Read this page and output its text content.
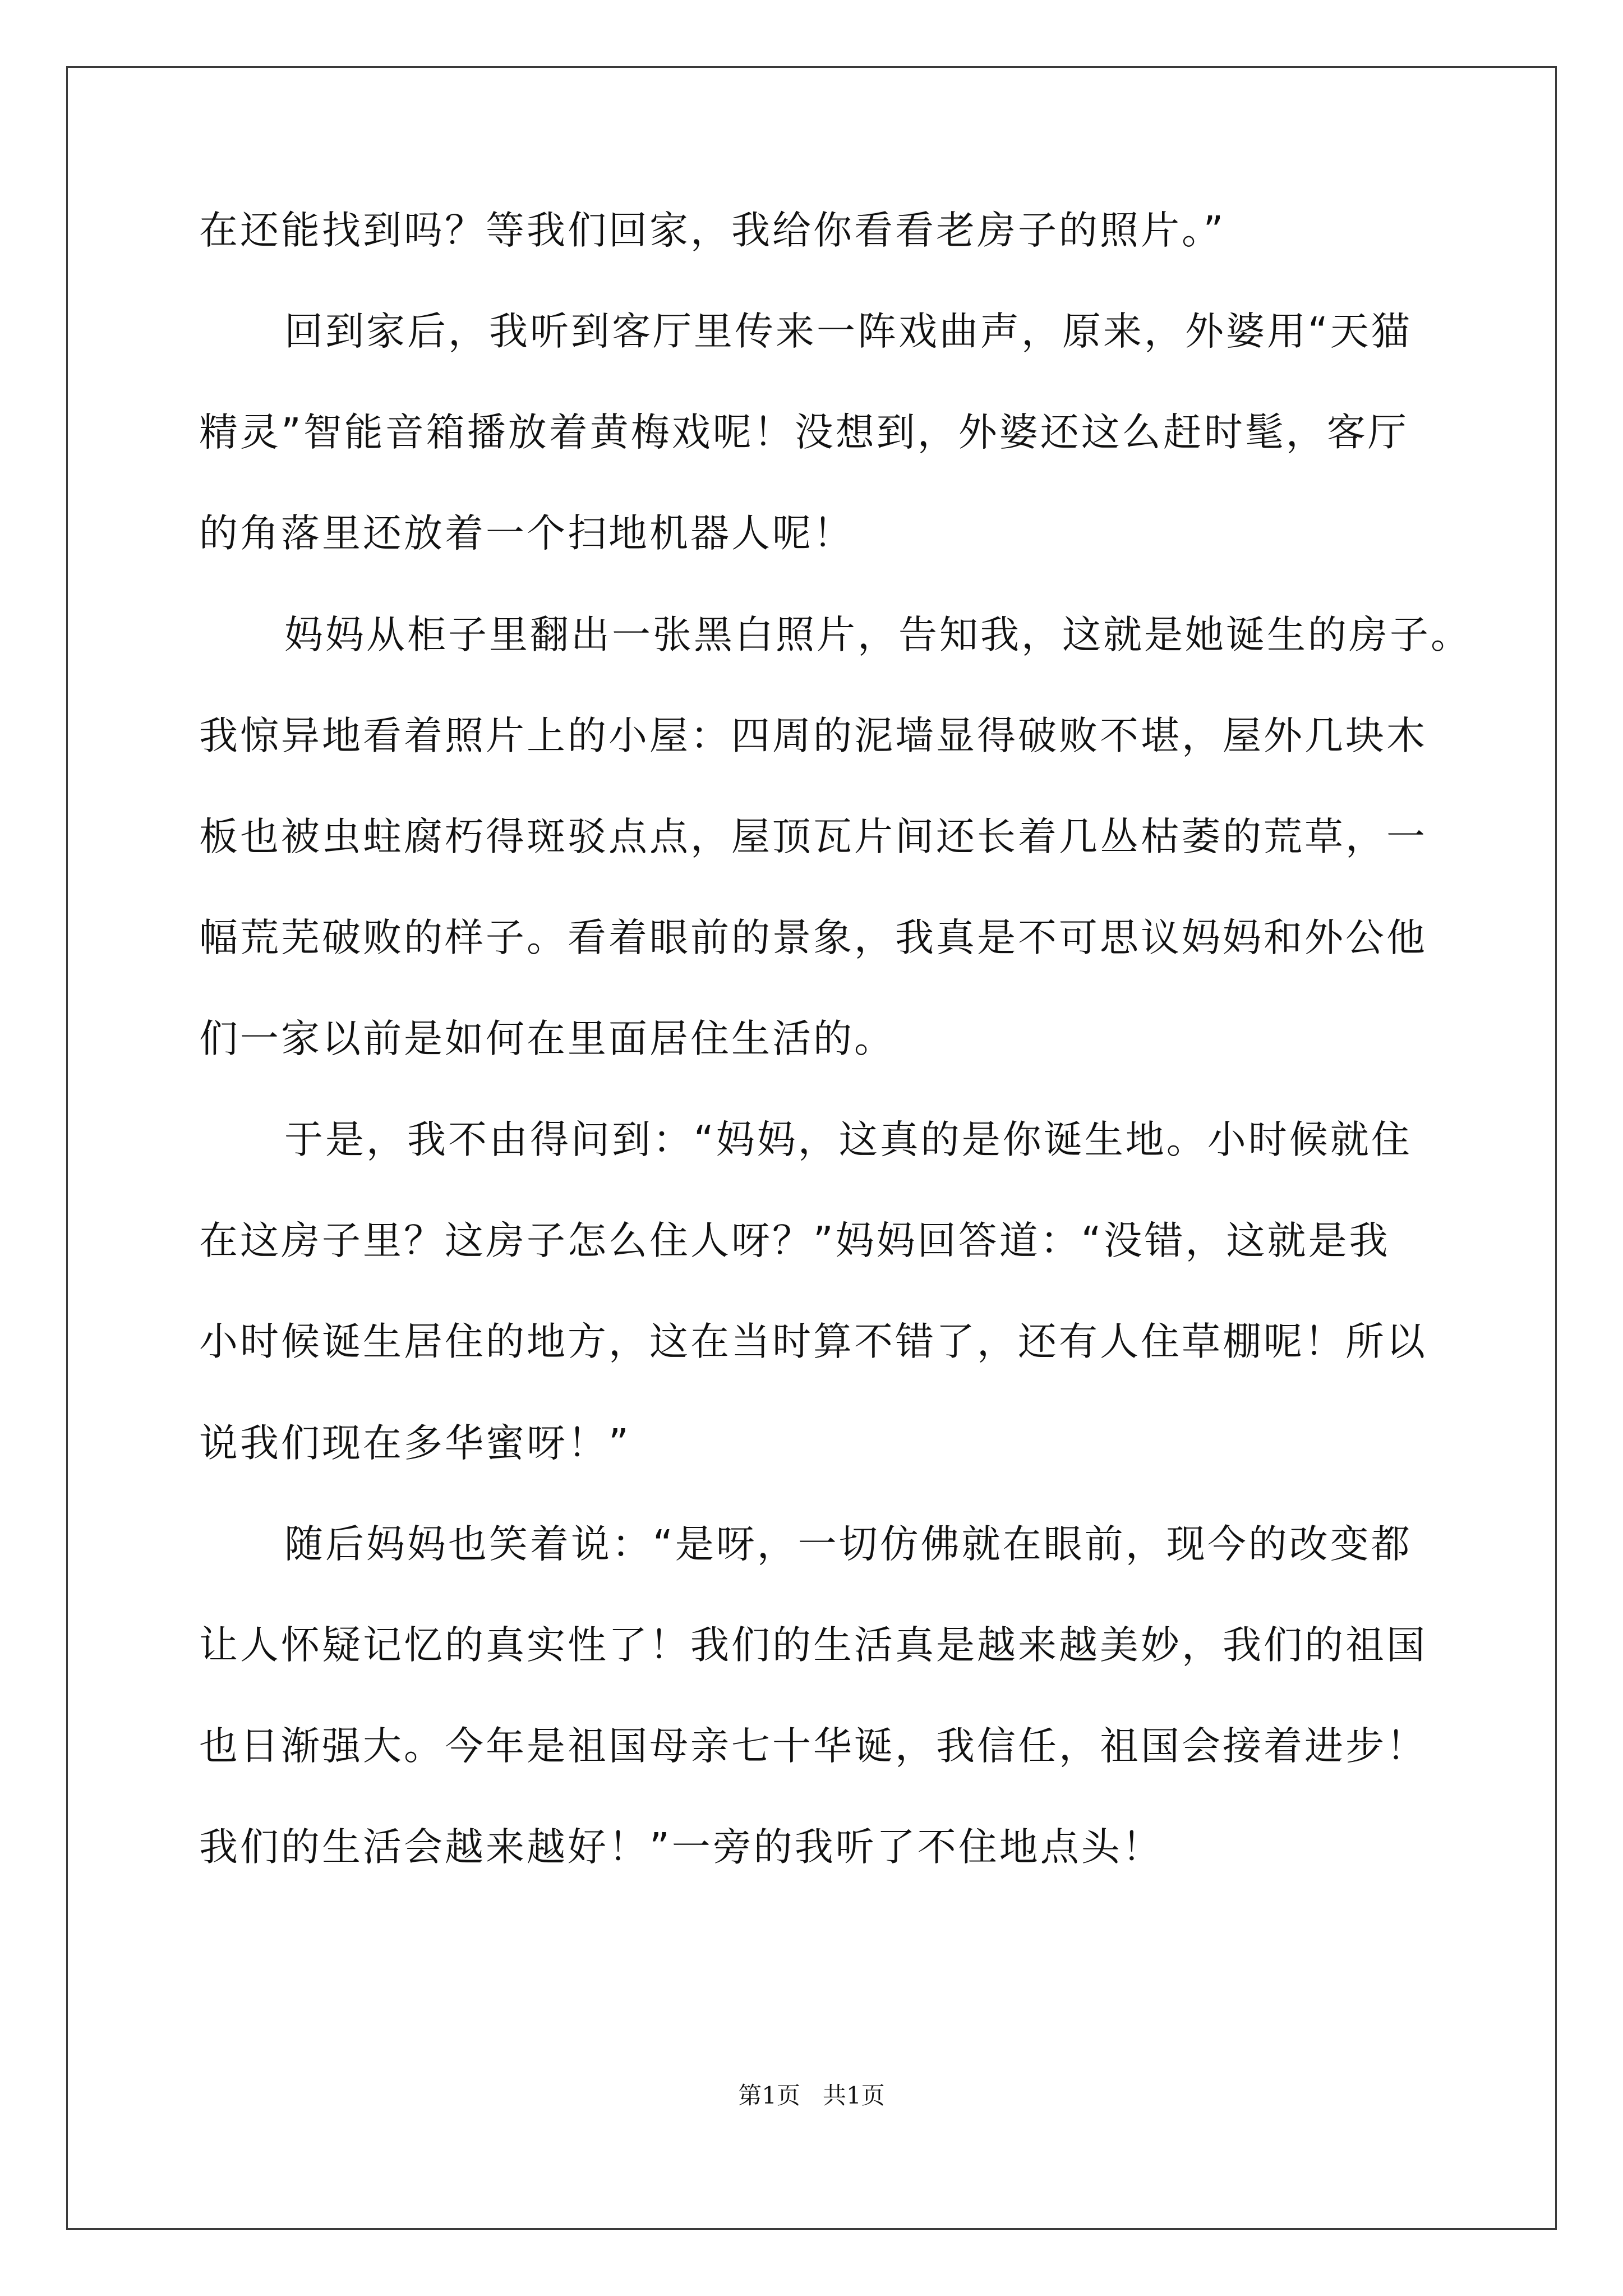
在还能找到吗？等我们回家，我给你看看老房子的照片。”
回到家后，我听到客厅里传来一阵戏曲声，原来，外婆用“天猫
精灵”智能音箱播放着黄梅戏呢！没想到，外婆还这么赶时髦，客厅
的角落里还放着一个扫地机器人呢！
妈妈从柜子里翻出一张黑白照片，告知我，这就是她诞生的房子。
我惊异地看着照片上的小屋：四周的泥墙显得破败不堪，屋外几块木
板也被虫蛀腐朽得斑驳点点，屋顶瓦片间还长着几丛枯萎的荒草，一
幅荒芜破败的样子。看着眼前的景象，我真是不可思议妈妈和外公他
们一家以前是如何在里面居住生活的。
于是，我不由得问到：“妈妈，这真的是你诞生地。小时候就住
在这房子里？这房子怎么住人呀？”妈妈回答道：“没错，这就是我
小时候诞生居住的地方，这在当时算不错了，还有人住草棚呢！所以
说我们现在多华蜜呀！”
随后妈妈也笑着说：“是呀，一切仿佛就在眼前，现今的改变都
让人怀疑记忆的真实性了！我们的生活真是越来越美妙，我们的祖国
也日渐强大。今年是祖国母亲七十华诞，我信任，祖国会接着进步！
我们的生活会越来越好！”一旁的我听了不住地点头！
第1页   共1页
